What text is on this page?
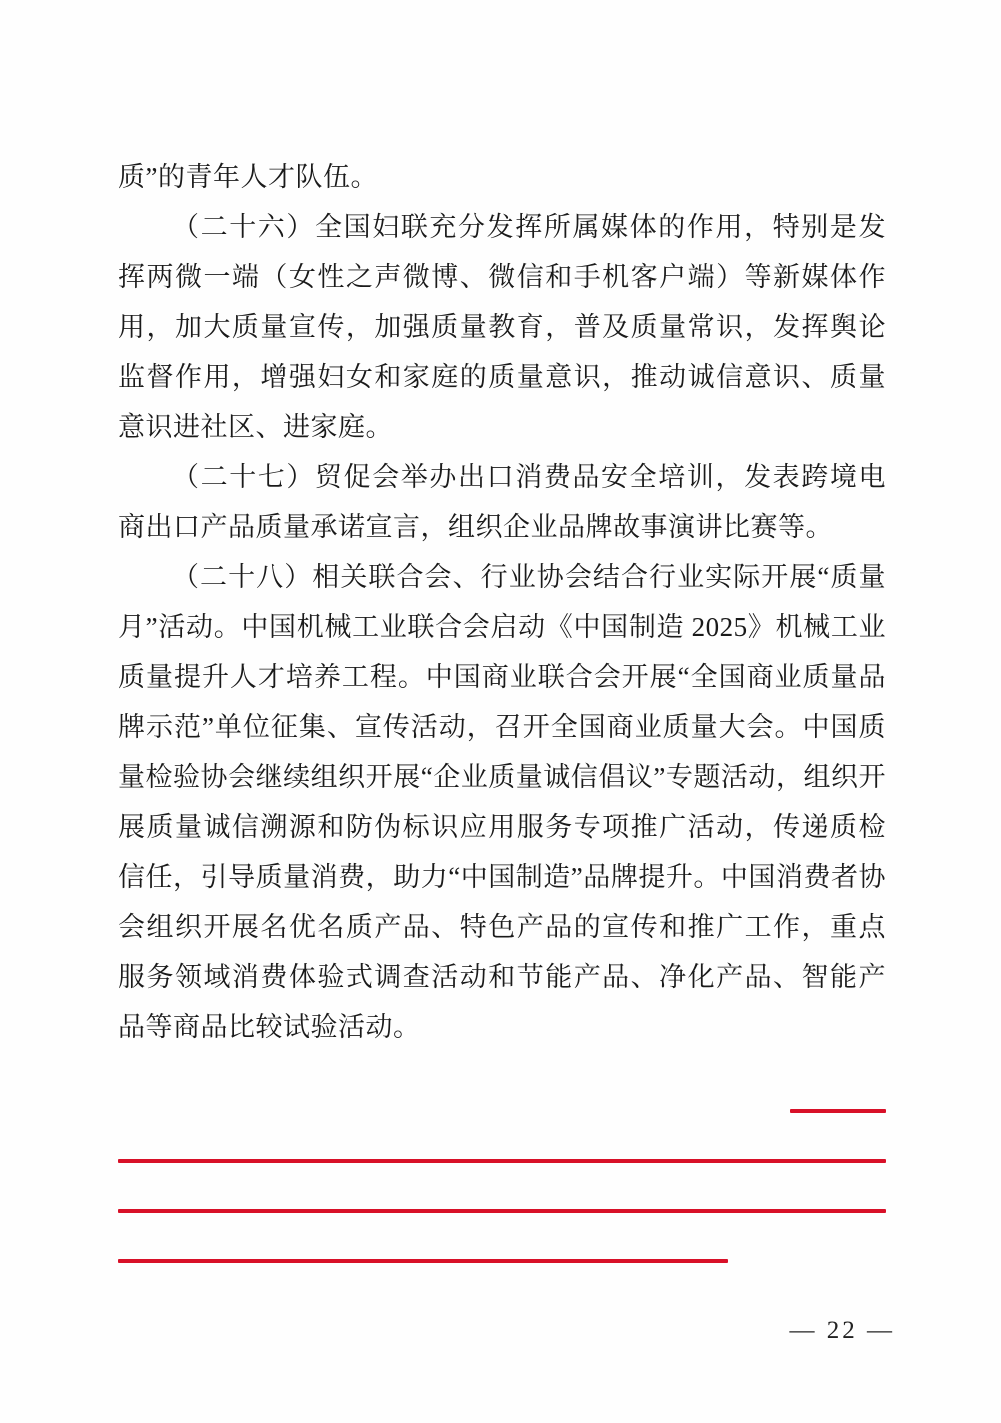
质”的青年人才队伍。

（二十六）全国妇联充分发挥所属媒体的作用，特别是发挥两微一端（女性之声微博、微信和手机客户端）等新媒体作用，加大质量宣传，加强质量教育，普及质量常识，发挥舆论监督作用，增强妇女和家庭的质量意识，推动诚信意识、质量意识进社区、进家庭。

（二十七）贸促会举办出口消费品安全培训，发表跨境电商出口产品质量承诺宣言，组织企业品牌故事演讲比赛等。

（二十八）相关联合会、行业协会结合行业实际开展“质量月”活动。中国机械工业联合会启动《中国制造 2025》机械工业质量提升人才培养工程。中国商业联合会开展“全国商业质量品牌示范”单位征集、宣传活动，召开全国商业质量大会。中国质量检验协会继续组织开展“企业质量诚信倡议”专题活动，组织开展质量诚信溯源和防伪标识应用服务专项推广活动，传递质检信任，引导质量消费，助力“中国制造”品牌提升。中国消费者协会组织开展名优名质产品、特色产品的宣传和推广工作，重点服务领域消费体验式调查活动和节能产品、净化产品、智能产品等商品比较试验活动。

— 22 —
